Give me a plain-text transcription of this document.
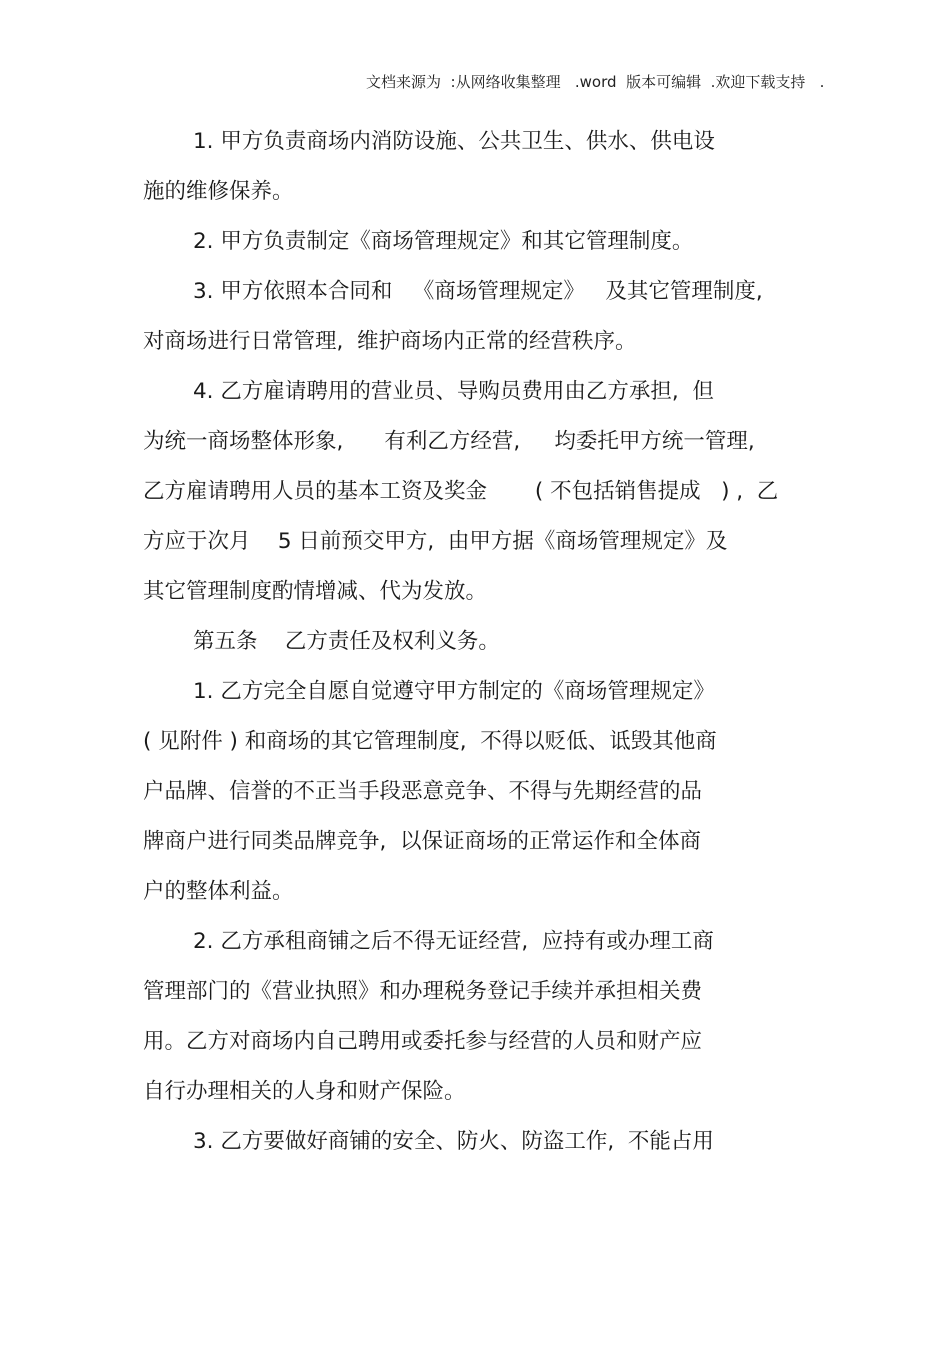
文档来源为  :从网络收集整理   .word  版本可编辑  .欢迎下载支持   .
1. 甲方负责商场内消防设施、公共卫生、供水、供电设
施的维修保养。
2. 甲方负责制定《商场管理规定》和其它管理制度。
3. 甲方依照本合同和   《商场管理规定》   及其它管理制度,
对商场进行日常管理,  维护商场内正常的经营秩序。
4. 乙方雇请聘用的营业员、导购员费用由乙方承担,  但
为统一商场整体形象,      有利乙方经营,     均委托甲方统一管理,
乙方雇请聘用人员的基本工资及奖金       ( 不包括销售提成   ) ,  乙
方应于次月    5 日前预交甲方,  由甲方据《商场管理规定》及
其它管理制度酌情增减、代为发放。
第五条    乙方责任及权利义务。
1. 乙方完全自愿自觉遵守甲方制定的《商场管理规定》
( 见附件 ) 和商场的其它管理制度,  不得以贬低、诋毁其他商
户品牌、信誉的不正当手段恶意竞争、不得与先期经营的品
牌商户进行同类品牌竞争,  以保证商场的正常运作和全体商
户的整体利益。
2. 乙方承租商铺之后不得无证经营,  应持有或办理工商
管理部门的《营业执照》和办理税务登记手续并承担相关费
用。乙方对商场内自己聘用或委托参与经营的人员和财产应
自行办理相关的人身和财产保险。
3. 乙方要做好商铺的安全、防火、防盗工作,  不能占用
